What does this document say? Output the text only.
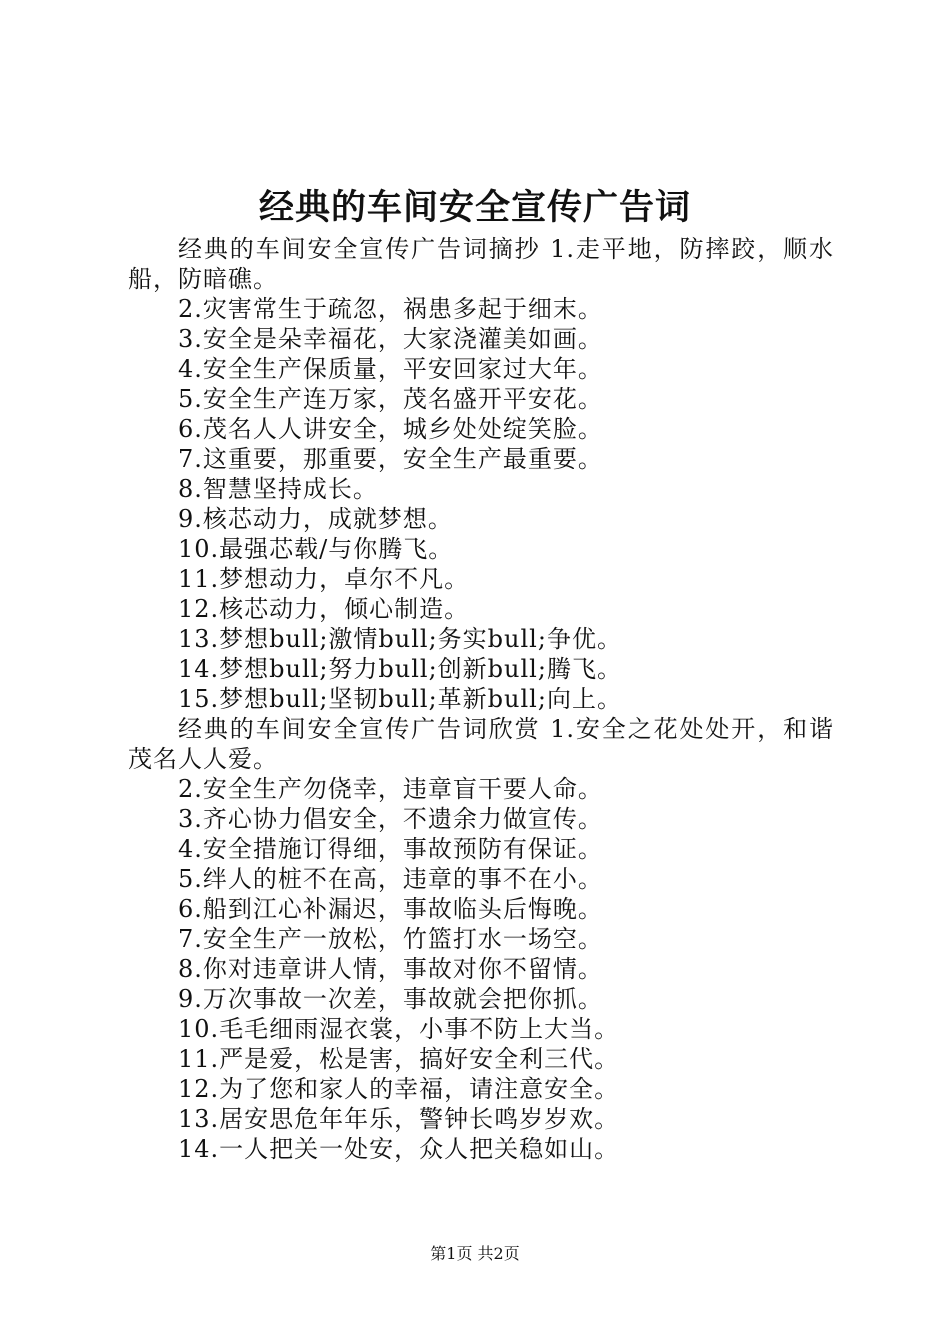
经典的车间安全宣传广告词

经典的车间安全宣传广告词摘抄 1.走平地，防摔跤，顺水船，防暗礁。

2.灾害常生于疏忽，祸患多起于细末。

3.安全是朵幸福花，大家浇灌美如画。

4.安全生产保质量，平安回家过大年。

5.安全生产连万家，茂名盛开平安花。

6.茂名人人讲安全，城乡处处绽笑脸。

7.这重要，那重要，安全生产最重要。

8.智慧坚持成长。

9.核芯动力，成就梦想。

10.最强芯载/与你腾飞。

11.梦想动力，卓尔不凡。

12.核芯动力，倾心制造。

13.梦想bull;激情bull;务实bull;争优。

14.梦想bull;努力bull;创新bull;腾飞。

15.梦想bull;坚韧bull;革新bull;向上。

经典的车间安全宣传广告词欣赏 1.安全之花处处开，和谐茂名人人爱。

2.安全生产勿侥幸，违章盲干要人命。

3.齐心协力倡安全，不遗余力做宣传。

4.安全措施订得细，事故预防有保证。

5.绊人的桩不在高，违章的事不在小。

6.船到江心补漏迟，事故临头后悔晚。

7.安全生产一放松，竹篮打水一场空。

8.你对违章讲人情，事故对你不留情。

9.万次事故一次差，事故就会把你抓。

10.毛毛细雨湿衣裳，小事不防上大当。

11.严是爱，松是害，搞好安全利三代。

12.为了您和家人的幸福，请注意安全。

13.居安思危年年乐，警钟长鸣岁岁欢。

14.一人把关一处安，众人把关稳如山。

第1页 共2页
